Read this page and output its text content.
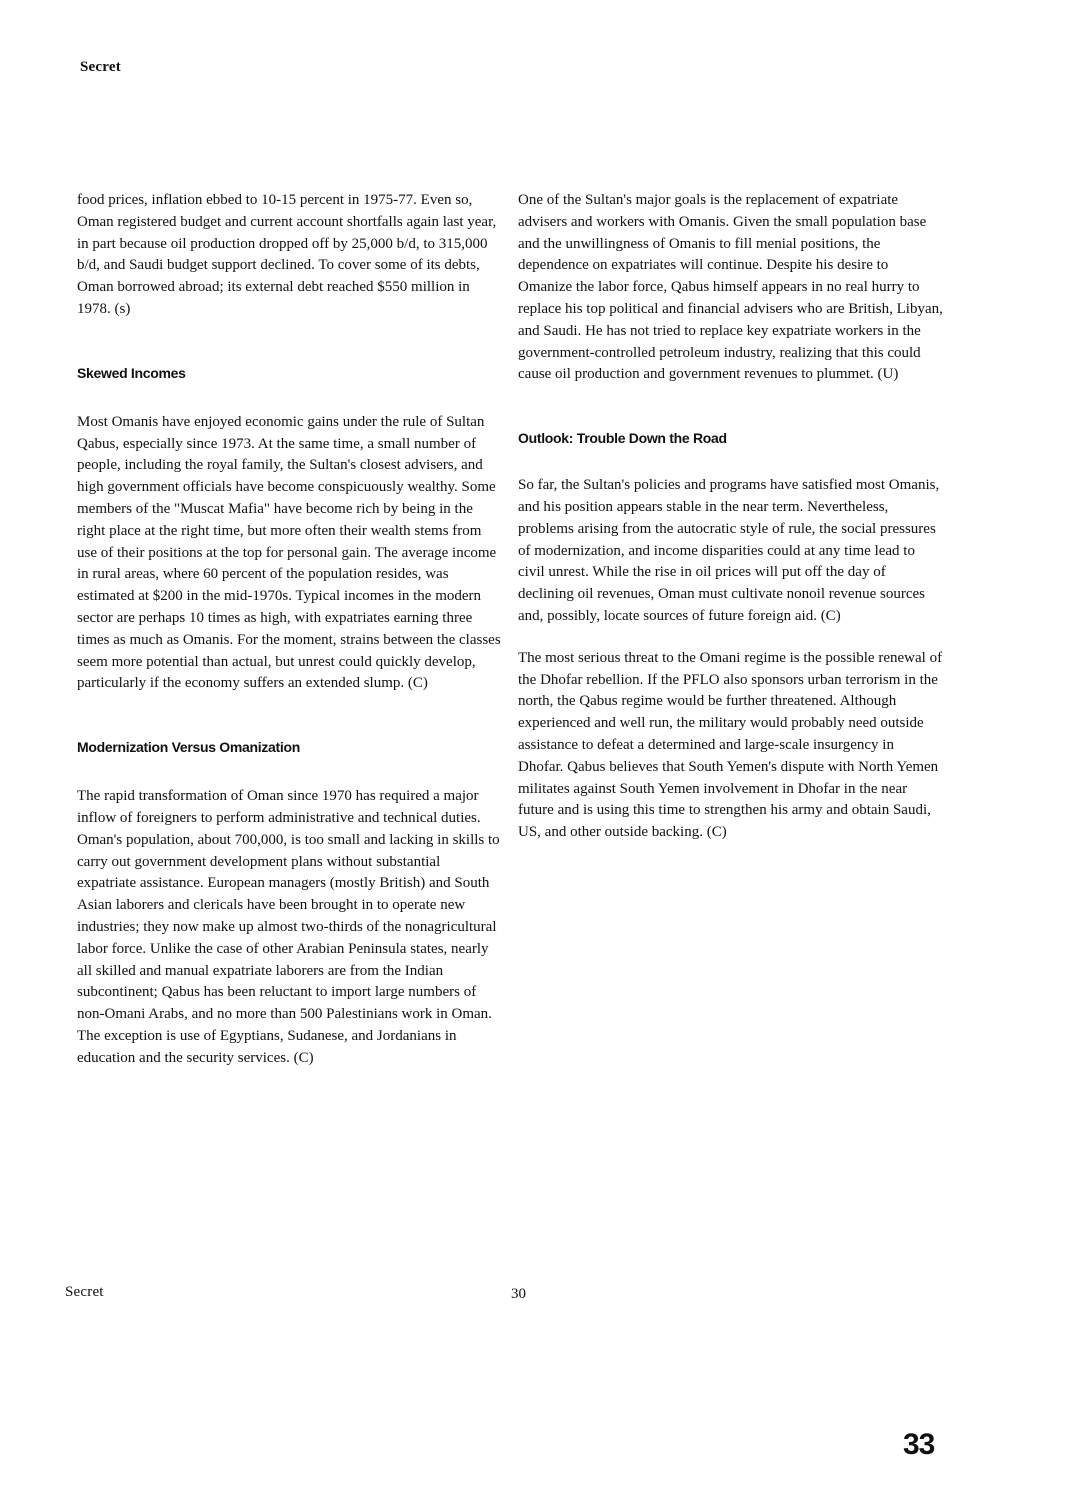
Secret

food prices, inflation ebbed to 10-15 percent in 1975-77. Even so, Oman registered budget and current account shortfalls again last year, in part because oil production dropped off by 25,000 b/d, to 315,000 b/d, and Saudi budget support declined. To cover some of its debts, Oman borrowed abroad; its external debt reached $550 million in 1978. (s)

Skewed Incomes

Most Omanis have enjoyed economic gains under the rule of Sultan Qabus, especially since 1973. At the same time, a small number of people, including the royal family, the Sultan's closest advisers, and high government officials have become conspicuously wealthy. Some members of the "Muscat Mafia" have become rich by being in the right place at the right time, but more often their wealth stems from use of their positions at the top for personal gain. The average income in rural areas, where 60 percent of the population resides, was estimated at $200 in the mid-1970s. Typical incomes in the modern sector are perhaps 10 times as high, with expatriates earning three times as much as Omanis. For the moment, strains between the classes seem more potential than actual, but unrest could quickly develop, particularly if the economy suffers an extended slump. (C)

Modernization Versus Omanization

The rapid transformation of Oman since 1970 has required a major inflow of foreigners to perform administrative and technical duties. Oman's population, about 700,000, is too small and lacking in skills to carry out government development plans without substantial expatriate assistance. European managers (mostly British) and South Asian laborers and clericals have been brought in to operate new industries; they now make up almost two-thirds of the nonagricultural labor force. Unlike the case of other Arabian Peninsula states, nearly all skilled and manual expatriate laborers are from the Indian subcontinent; Qabus has been reluctant to import large numbers of non-Omani Arabs, and no more than 500 Palestinians work in Oman. The exception is use of Egyptians, Sudanese, and Jordanians in education and the security services. (C)

One of the Sultan's major goals is the replacement of expatriate advisers and workers with Omanis. Given the small population base and the unwillingness of Omanis to fill menial positions, the dependence on expatriates will continue. Despite his desire to Omanize the labor force, Qabus himself appears in no real hurry to replace his top political and financial advisers who are British, Libyan, and Saudi. He has not tried to replace key expatriate workers in the government-controlled petroleum industry, realizing that this could cause oil production and government revenues to plummet. (U)

Outlook: Trouble Down the Road

So far, the Sultan's policies and programs have satisfied most Omanis, and his position appears stable in the near term. Nevertheless, problems arising from the autocratic style of rule, the social pressures of modernization, and income disparities could at any time lead to civil unrest. While the rise in oil prices will put off the day of declining oil revenues, Oman must cultivate nonoil revenue sources and, possibly, locate sources of future foreign aid. (C)

The most serious threat to the Omani regime is the possible renewal of the Dhofar rebellion. If the PFLO also sponsors urban terrorism in the north, the Qabus regime would be further threatened. Although experienced and well run, the military would probably need outside assistance to defeat a determined and large-scale insurgency in Dhofar. Qabus believes that South Yemen's dispute with North Yemen militates against South Yemen involvement in Dhofar in the near future and is using this time to strengthen his army and obtain Saudi, US, and other outside backing. (C)

Secret	30
33
